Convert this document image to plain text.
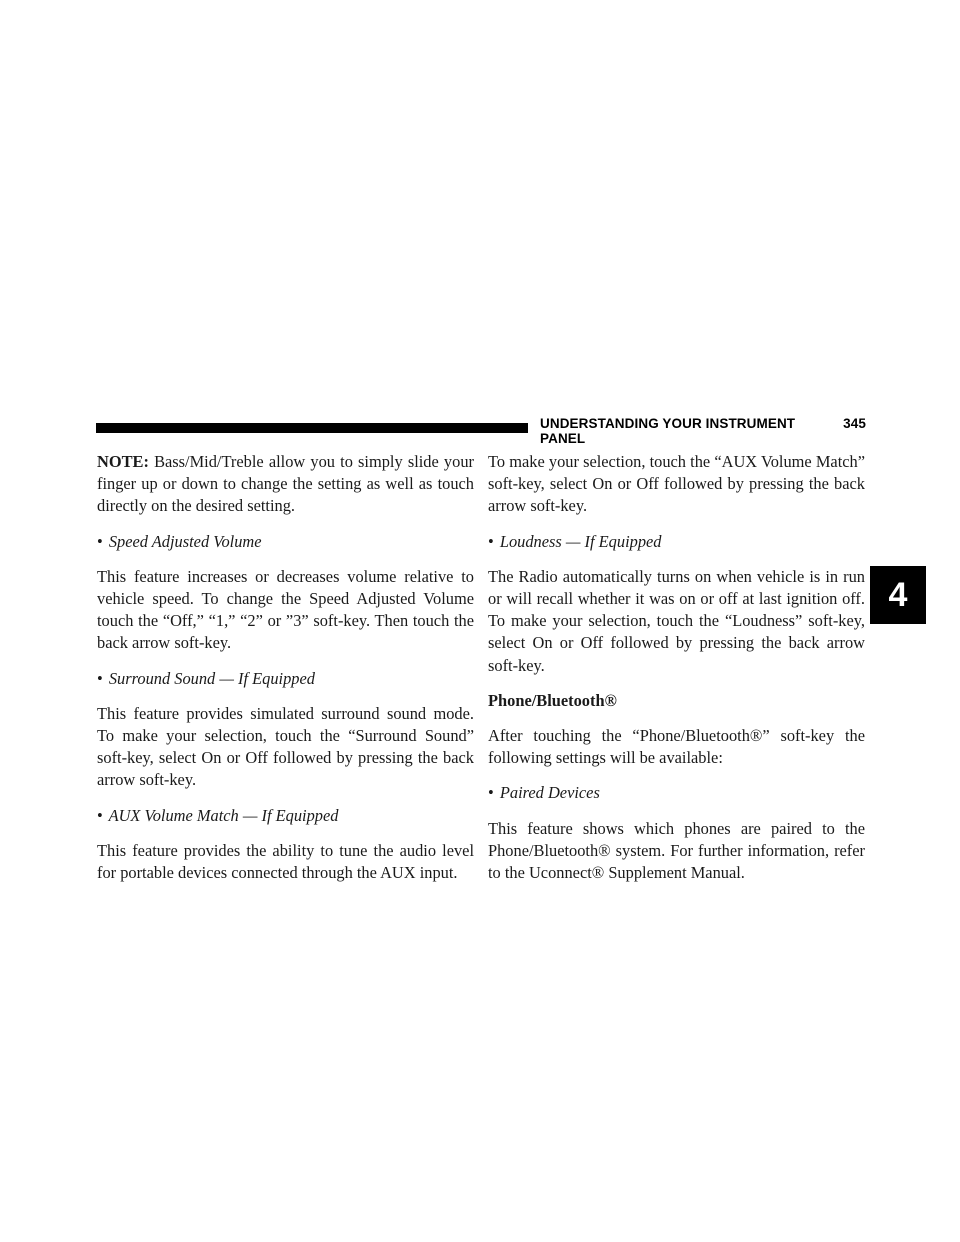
UNDERSTANDING YOUR INSTRUMENT PANEL
345
4

NOTE: Bass/Mid/Treble allow you to simply slide your finger up or down to change the setting as well as touch directly on the desired setting.

• Speed Adjusted Volume

This feature increases or decreases volume relative to vehicle speed. To change the Speed Adjusted Volume touch the “Off,” “1,” “2” or ”3” soft-key. Then touch the back arrow soft-key.

• Surround Sound — If Equipped

This feature provides simulated surround sound mode. To make your selection, touch the “Surround Sound” soft-key, select On or Off followed by pressing the back arrow soft-key.

• AUX Volume Match — If Equipped

This feature provides the ability to tune the audio level for portable devices connected through the AUX input.

To make your selection, touch the “AUX Volume Match” soft-key, select On or Off followed by pressing the back arrow soft-key.

• Loudness — If Equipped

The Radio automatically turns on when vehicle is in run or will recall whether it was on or off at last ignition off. To make your selection, touch the “Loudness” soft-key, select On or Off followed by pressing the back arrow soft-key.

Phone/Bluetooth®

After touching the “Phone/Bluetooth®” soft-key the following settings will be available:

• Paired Devices

This feature shows which phones are paired to the Phone/Bluetooth® system. For further information, refer to the Uconnect® Supplement Manual.
